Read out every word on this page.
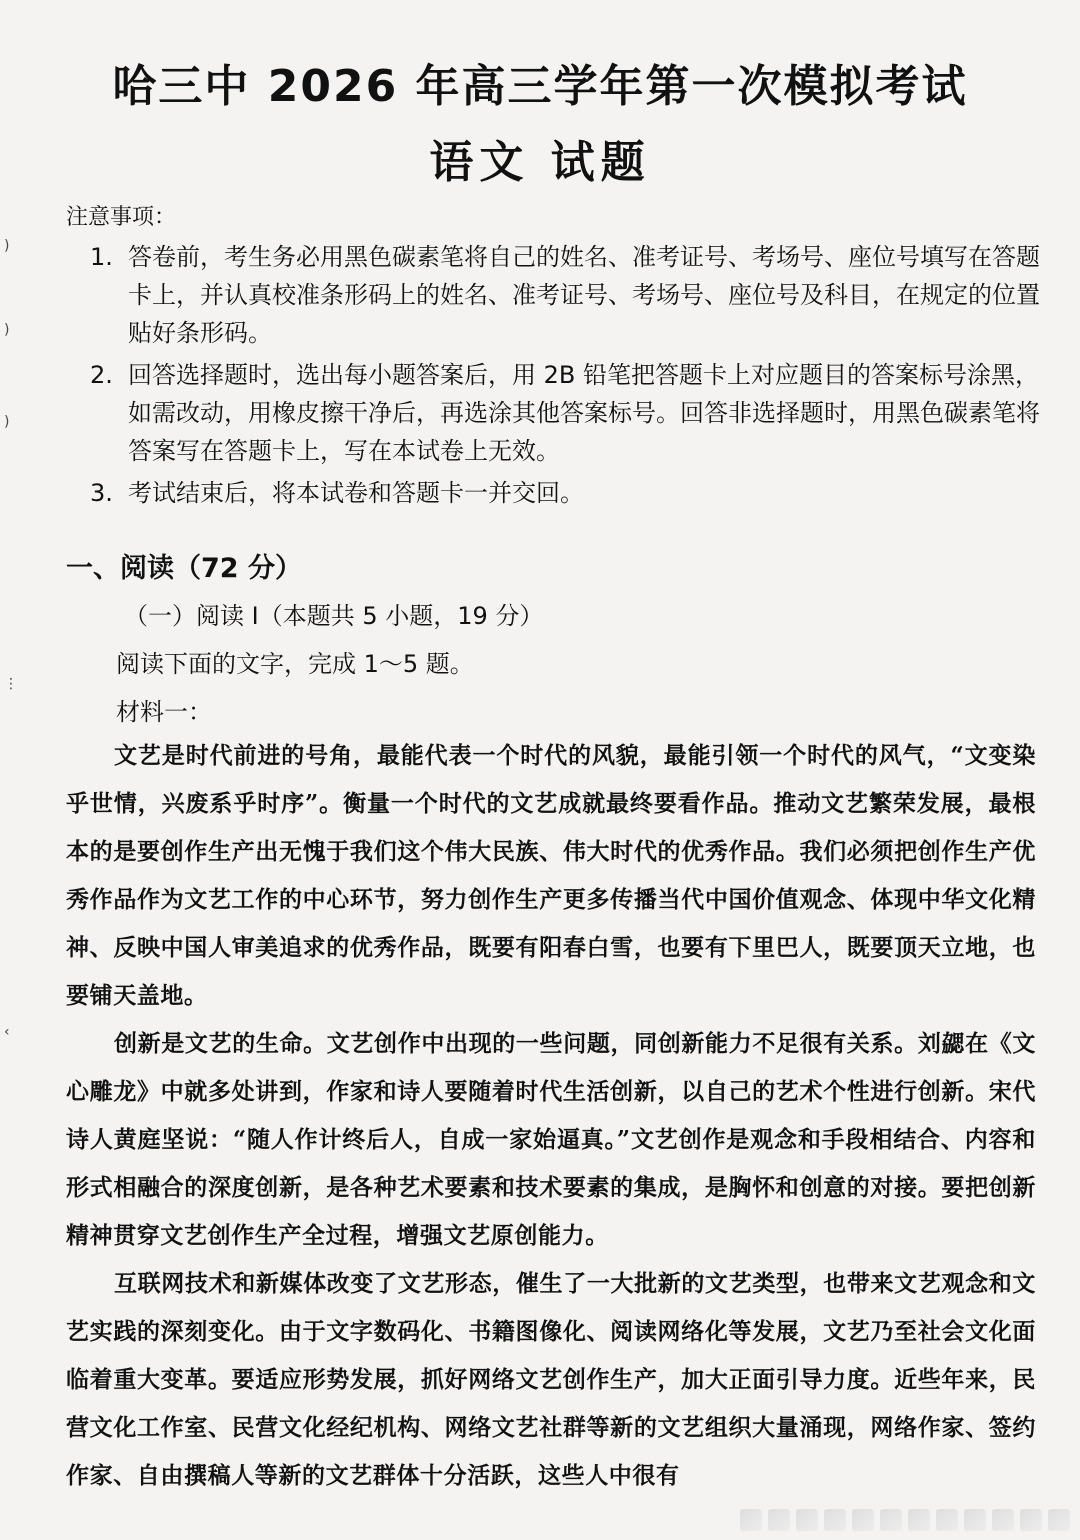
)
)
)
⋮
‹
哈三中 2026 年高三学年第一次模拟考试
语文 试题
注意事项：
1. 答卷前，考生务必用黑色碳素笔将自己的姓名、准考证号、考场号、座位号填写在答题卡上，并认真校准条形码上的姓名、准考证号、考场号、座位号及科目，在规定的位置贴好条形码。
2. 回答选择题时，选出每小题答案后，用 2B 铅笔把答题卡上对应题目的答案标号涂黑，如需改动，用橡皮擦干净后，再选涂其他答案标号。回答非选择题时，用黑色碳素笔将答案写在答题卡上，写在本试卷上无效。
3. 考试结束后，将本试卷和答题卡一并交回。
一、阅读（72 分）
（一）阅读 I（本题共 5 小题，19 分）
阅读下面的文字，完成 1～5 题。
材料一：

文艺是时代前进的号角，最能代表一个时代的风貌，最能引领一个时代的风气，“文变染乎世情，兴废系乎时序”。衡量一个时代的文艺成就最终要看作品。推动文艺繁荣发展，最根本的是要创作生产出无愧于我们这个伟大民族、伟大时代的优秀作品。我们必须把创作生产优秀作品作为文艺工作的中心环节，努力创作生产更多传播当代中国价值观念、体现中华文化精神、反映中国人审美追求的优秀作品，既要有阳春白雪，也要有下里巴人，既要顶天立地，也要铺天盖地。

创新是文艺的生命。文艺创作中出现的一些问题，同创新能力不足很有关系。刘勰在《文心雕龙》中就多处讲到，作家和诗人要随着时代生活创新，以自己的艺术个性进行创新。宋代诗人黄庭坚说：“随人作计终后人，自成一家始逼真。”文艺创作是观念和手段相结合、内容和形式相融合的深度创新，是各种艺术要素和技术要素的集成，是胸怀和创意的对接。要把创新精神贯穿文艺创作生产全过程，增强文艺原创能力。

互联网技术和新媒体改变了文艺形态，催生了一大批新的文艺类型，也带来文艺观念和文艺实践的深刻变化。由于文字数码化、书籍图像化、阅读网络化等发展，文艺乃至社会文化面临着重大变革。要适应形势发展，抓好网络文艺创作生产，加大正面引导力度。近些年来，民营文化工作室、民营文化经纪机构、网络文艺社群等新的文艺组织大量涌现，网络作家、签约作家、自由撰稿人等新的文艺群体十分活跃，这些人中很有
